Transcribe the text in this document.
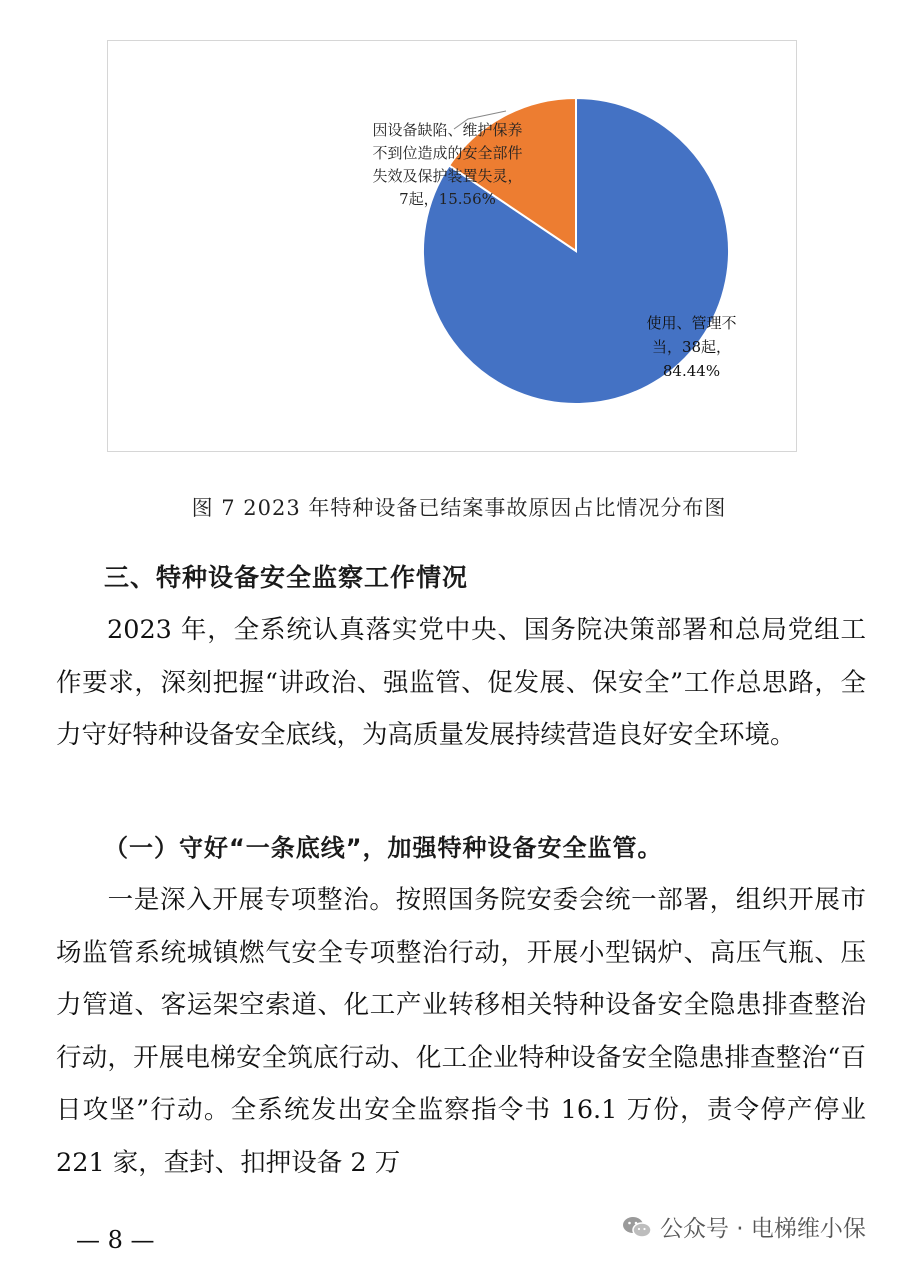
因设备缺陷、维护保养
不到位造成的安全部件
失效及保护装置失灵，
7起，15.56%
使用、管理不
当，38起，
84.44%
图 7 2023 年特种设备已结案事故原因占比情况分布图
三、特种设备安全监察工作情况
2023 年，全系统认真落实党中央、国务院决策部署和总局党组工作要求，深刻把握“讲政治、强监管、促发展、保安全”工作总思路，全力守好特种设备安全底线，为高质量发展持续营造良好安全环境。
（一）守好“一条底线”，加强特种设备安全监管。
一是深入开展专项整治。按照国务院安委会统一部署，组织开展市场监管系统城镇燃气安全专项整治行动，开展小型锅炉、高压气瓶、压力管道、客运架空索道、化工产业转移相关特种设备安全隐患排查整治行动，开展电梯安全筑底行动、化工企业特种设备安全隐患排查整治“百日攻坚”行动。全系统发出安全监察指令书 16.1 万份，责令停产停业 221 家，查封、扣押设备 2 万
— 8 —	公众号 · 电梯维小保
